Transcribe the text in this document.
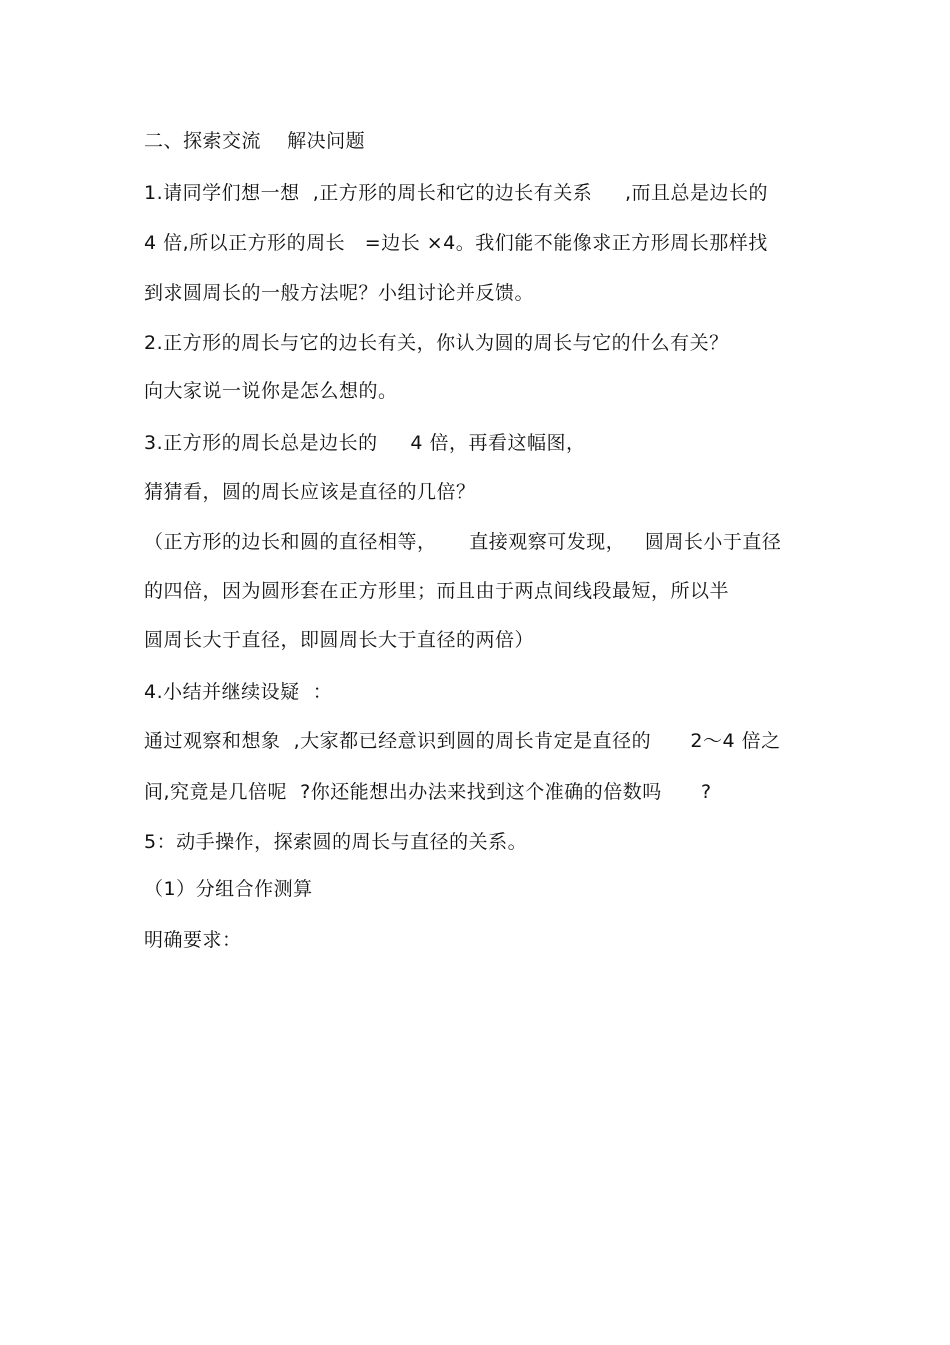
二、探索交流    解决问题
1.请同学们想一想  ,正方形的周长和它的边长有关系     ,而且总是边长的
4 倍,所以正方形的周长   =边长 ×4。我们能不能像求正方形周长那样找
到求圆周长的一般方法呢？小组讨论并反馈。
2.正方形的周长与它的边长有关，你认为圆的周长与它的什么有关？
向大家说一说你是怎么想的。
3.正方形的周长总是边长的     4 倍，再看这幅图，
猜猜看，圆的周长应该是直径的几倍？
（正方形的边长和圆的直径相等，     直接观察可发现，   圆周长小于直径
的四倍，因为圆形套在正方形里；而且由于两点间线段最短，所以半
圆周长大于直径，即圆周长大于直径的两倍）
4.小结并继续设疑  ：
通过观察和想象  ,大家都已经意识到圆的周长肯定是直径的      2～4 倍之
间,究竟是几倍呢  ?你还能想出办法来找到这个准确的倍数吗      ?
5：动手操作，探索圆的周长与直径的关系。
（1）分组合作测算
明确要求：
